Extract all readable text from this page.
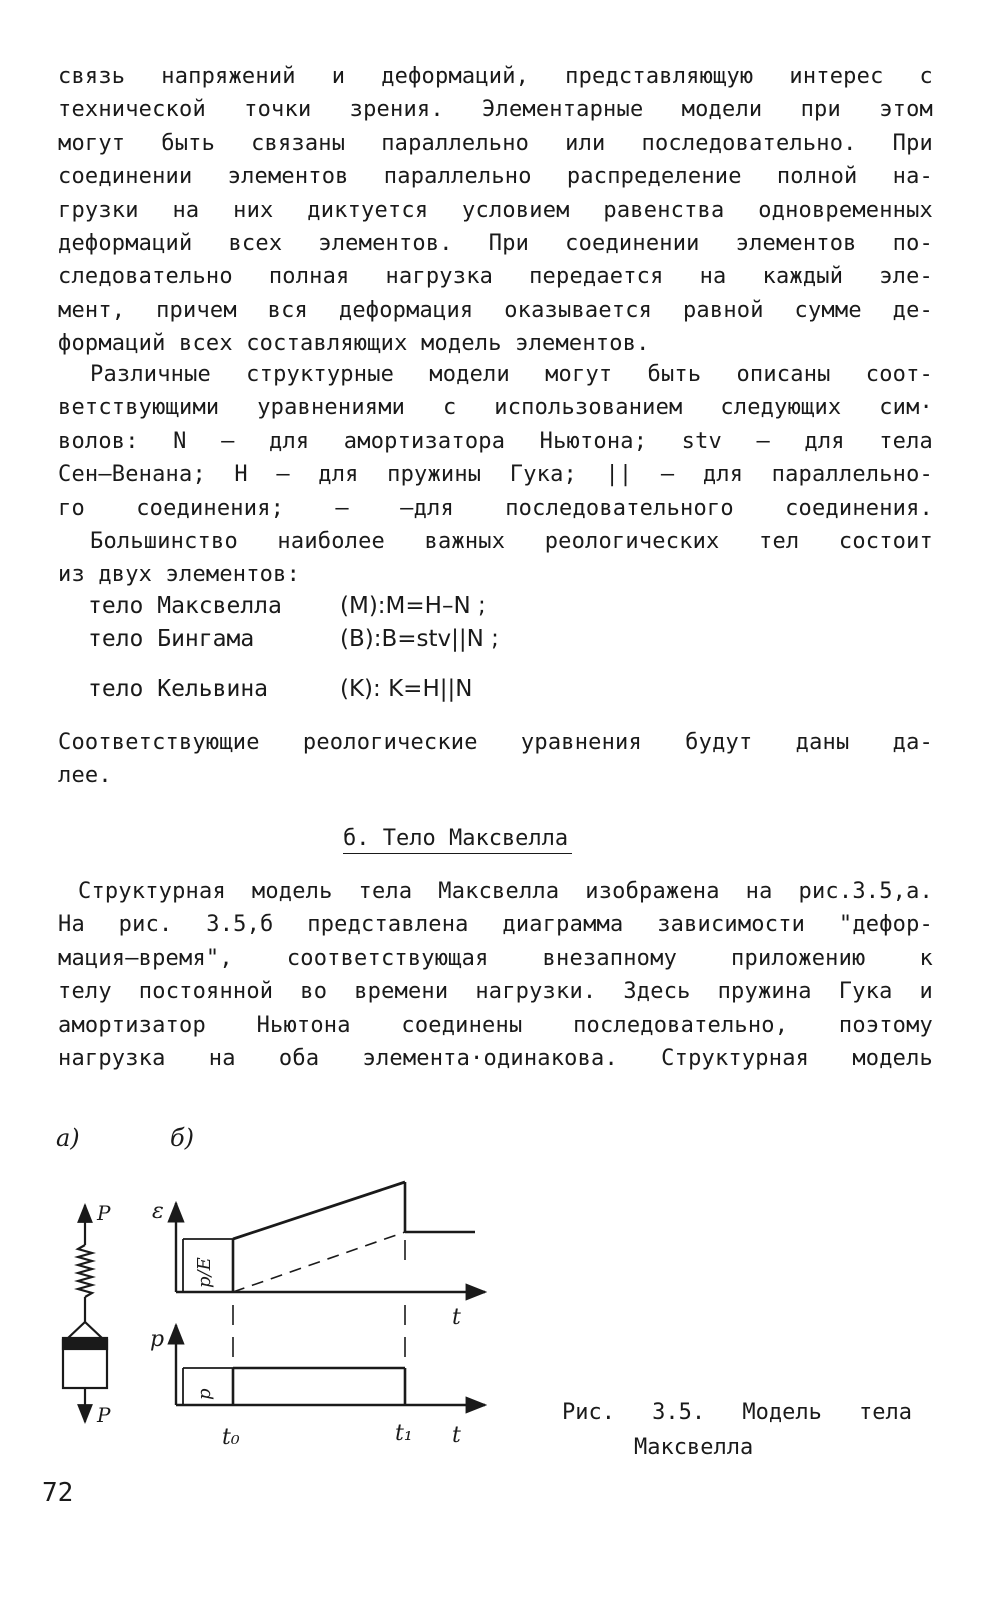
связь напряжений и деформаций, представляющую интерес с
технической точки зрения. Элементарные модели при этом
могут быть связаны параллельно или последовательно. При
соединении элементов параллельно распределение полной на-
грузки на них диктуется условием равенства одновременных
деформаций всех элементов. При соединении элементов по-
следовательно полная нагрузка передается на каждый эле-
мент, причем вся деформация оказывается равной сумме де-
формаций всех составляющих модель элементов.
Различные структурные модели могут быть описаны соот-
ветствующими уравнениями с использованием следующих сим·
волов: N – для амортизатора Ньютона; stv – для тела
Сен–Венана; Н – для пружины Гука; || – для параллельно-
го соединения; — –для последовательного соединения.
Большинство наиболее важных реологических тел состоит
из двух элементов:
тело Максвелла	(M):M=H–N ;
тело Бингама	(B):B=stv||N ;
тело Кельвина	(K): K=H||N
Соответствующие реологические уравнения будут даны да-
лее.
б. Тело Максвелла
Структурная модель тела Максвелла изображена на рис.3.5,а.
На рис. 3.5,б представлена диаграмма зависимости "дефор-
мация–время", соответствующая внезапному приложению к
телу постоянной во времени нагрузки. Здесь пружина Гука и
амортизатор Ньютона соединены последовательно, поэтому
нагрузка на оба элемента·одинакова. Структурная модель
а)	б)
P
P
ε
t
p/E
p
t
p
t₀	t₁
Рис. 3.5. Модель тела
Максвелла
72
